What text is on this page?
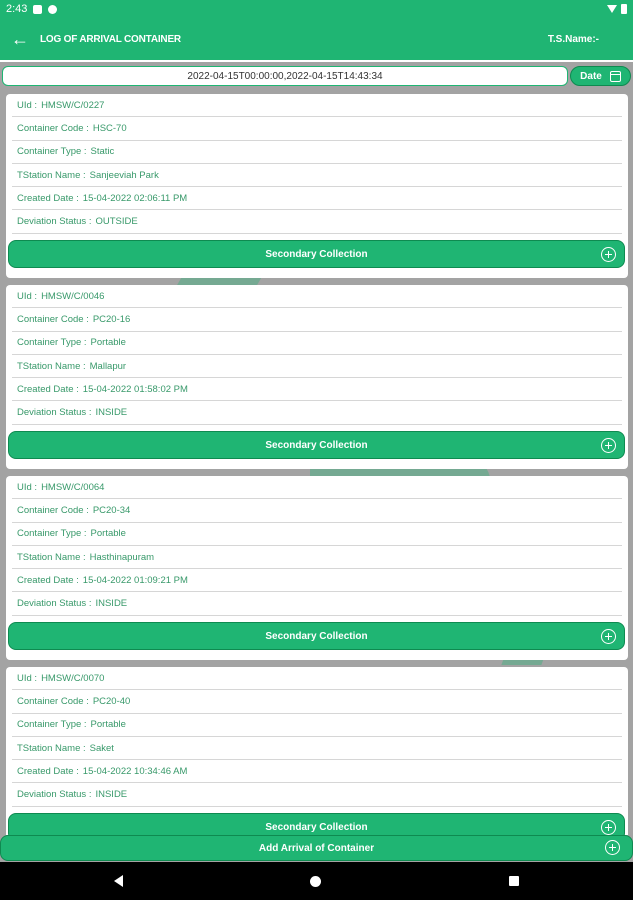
2:43
←	LOG OF ARRIVAL CONTAINER	T.S.Name:-
2022-04-15T00:00:00,2022-04-15T14:43:34	Date
UId : HMSW/C/0227
Container Code : HSC-70
Container Type : Static
TStation Name : Sanjeeviah Park
Created Date : 15-04-2022 02:06:11 PM
Deviation Status : OUTSIDE
Secondary Collection
UId : HMSW/C/0046
Container Code : PC20-16
Container Type : Portable
TStation Name : Mallapur
Created Date : 15-04-2022 01:58:02 PM
Deviation Status : INSIDE
Secondary Collection
UId : HMSW/C/0064
Container Code : PC20-34
Container Type : Portable
TStation Name : Hasthinapuram
Created Date : 15-04-2022 01:09:21 PM
Deviation Status : INSIDE
Secondary Collection
UId : HMSW/C/0070
Container Code : PC20-40
Container Type : Portable
TStation Name : Saket
Created Date : 15-04-2022 10:34:46 AM
Deviation Status : INSIDE
Secondary Collection
Add Arrival of Container
